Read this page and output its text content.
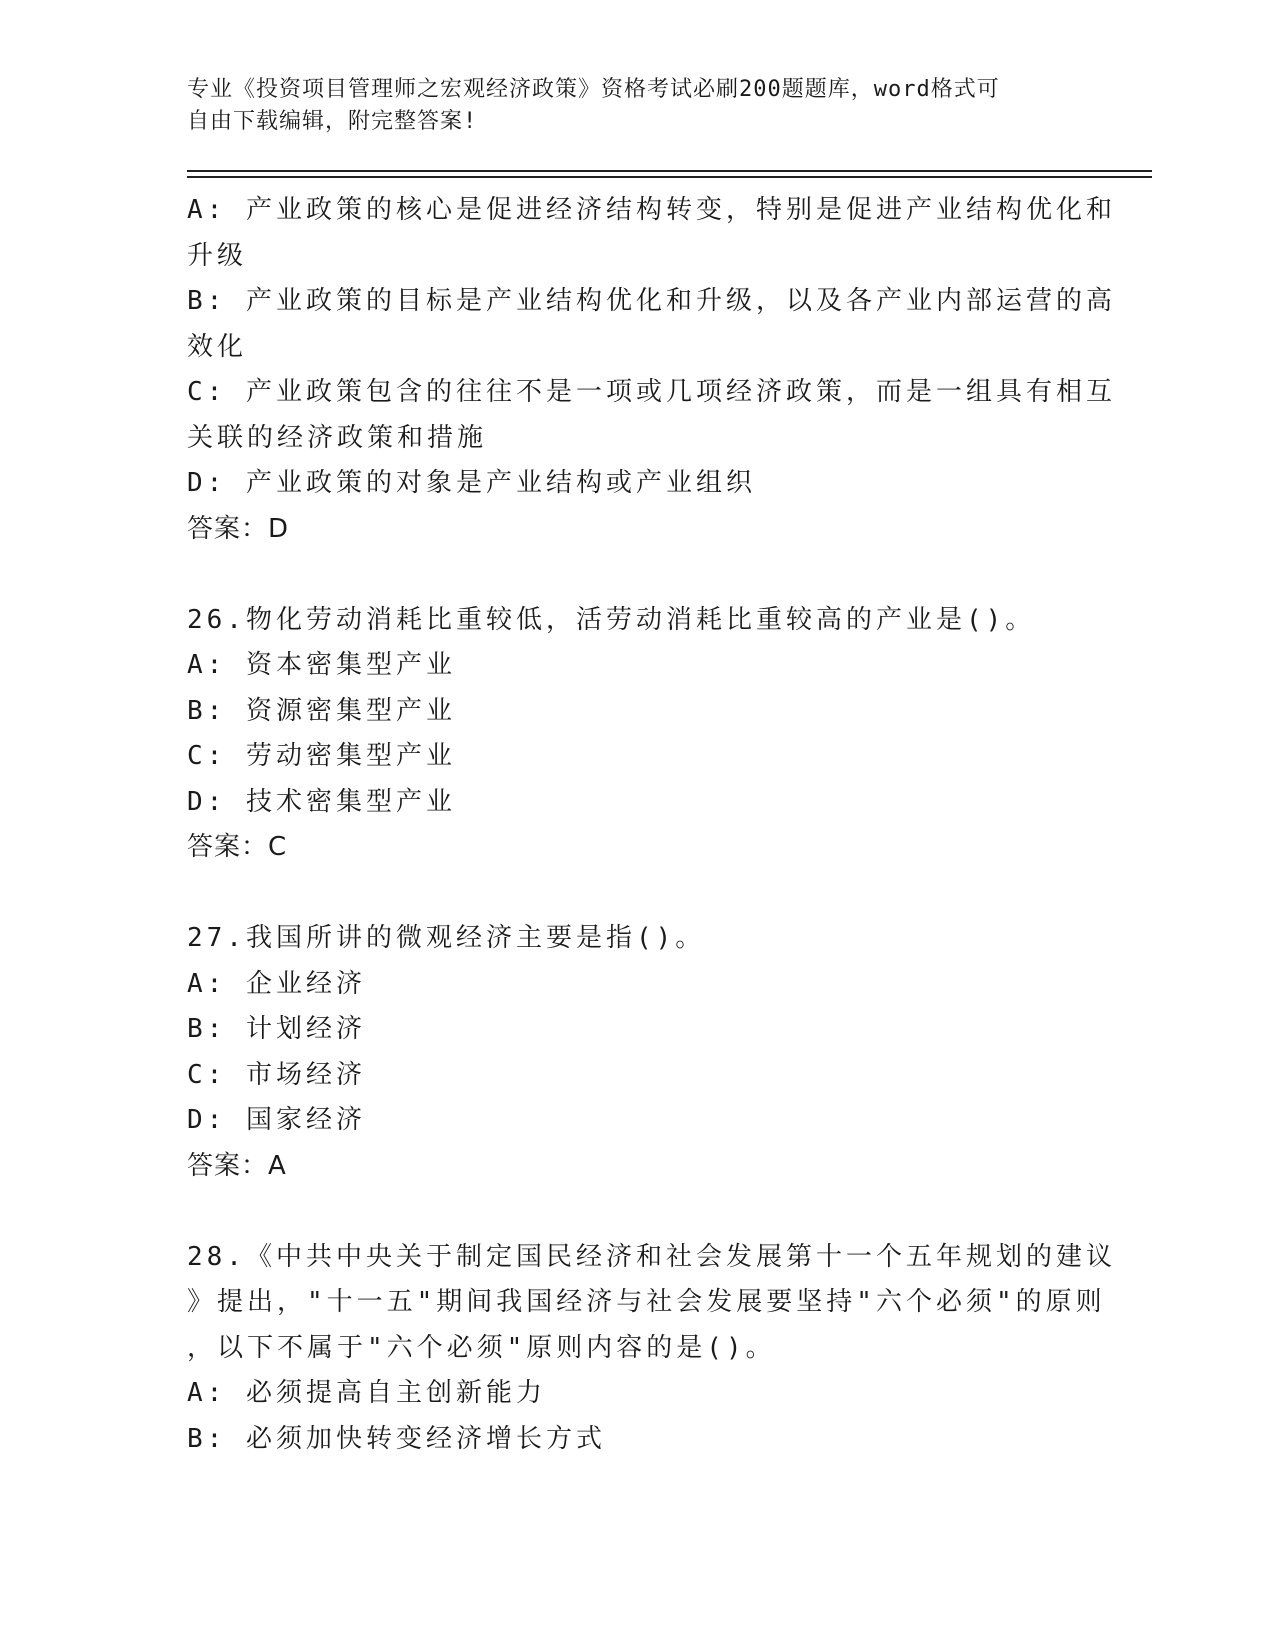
专业《投资项目管理师之宏观经济政策》资格考试必刷200题题库，word格式可
自由下载编辑，附完整答案!
A: 产业政策的核心是促进经济结构转变，特别是促进产业结构优化和
升级
B: 产业政策的目标是产业结构优化和升级，以及各产业内部运营的高
效化
C: 产业政策包含的往往不是一项或几项经济政策，而是一组具有相互
关联的经济政策和措施
D: 产业政策的对象是产业结构或产业组织
答案：D
26.物化劳动消耗比重较低，活劳动消耗比重较高的产业是()。
A: 资本密集型产业
B: 资源密集型产业
C: 劳动密集型产业
D: 技术密集型产业
答案：C
27.我国所讲的微观经济主要是指()。
A: 企业经济
B: 计划经济
C: 市场经济
D: 国家经济
答案：A
28.《中共中央关于制定国民经济和社会发展第十一个五年规划的建议
》提出，"十一五"期间我国经济与社会发展要坚持"六个必须"的原则
，以下不属于"六个必须"原则内容的是()。
A: 必须提高自主创新能力
B: 必须加快转变经济增长方式
